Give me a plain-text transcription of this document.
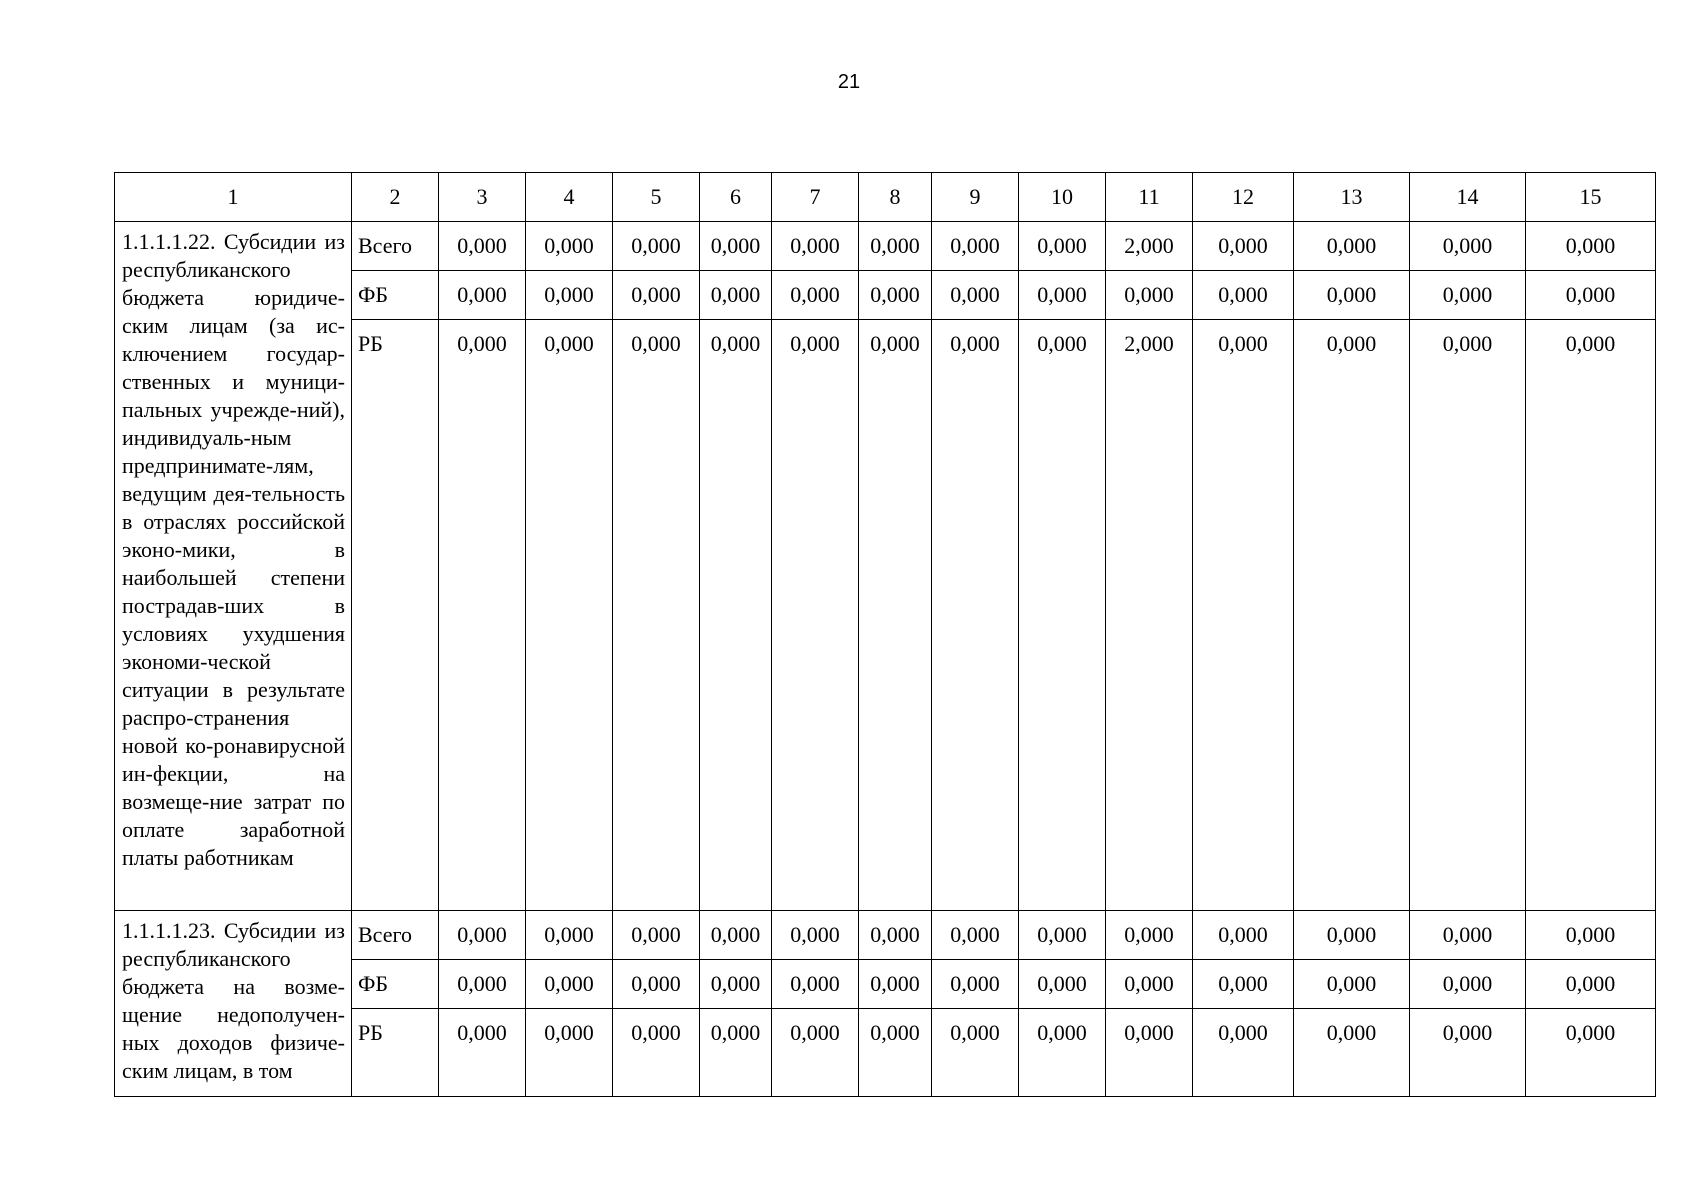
21
1	2	3	4	5	6	7	8	9	10	11	12	13	14	15
1.1.1.1.22. Субсидии из республиканского бюджета юридиче-ским лицам (за ис-ключением государ-ственных и муници-пальных учрежде-ний), индивидуаль-ным предпринимате-лям, ведущим дея-тельность в отраслях российской эконо-мики, в наибольшей степени пострадав-ших в условиях ухудшения экономи-ческой ситуации в результате распро-странения новой ко-ронавирусной ин-фекции, на возмеще-ние затрат по оплате заработной платы работникам	Всего	0,000	0,000	0,000	0,000	0,000	0,000	0,000	0,000	2,000	0,000	0,000	0,000	0,000
	ФБ	0,000	0,000	0,000	0,000	0,000	0,000	0,000	0,000	0,000	0,000	0,000	0,000	0,000
	РБ	0,000	0,000	0,000	0,000	0,000	0,000	0,000	0,000	2,000	0,000	0,000	0,000	0,000
1.1.1.1.23. Субсидии из республиканского бюджета на возме-щение недополучен-ных доходов физиче-ским лицам, в том	Всего	0,000	0,000	0,000	0,000	0,000	0,000	0,000	0,000	0,000	0,000	0,000	0,000	0,000
	ФБ	0,000	0,000	0,000	0,000	0,000	0,000	0,000	0,000	0,000	0,000	0,000	0,000	0,000
	РБ	0,000	0,000	0,000	0,000	0,000	0,000	0,000	0,000	0,000	0,000	0,000	0,000	0,000
